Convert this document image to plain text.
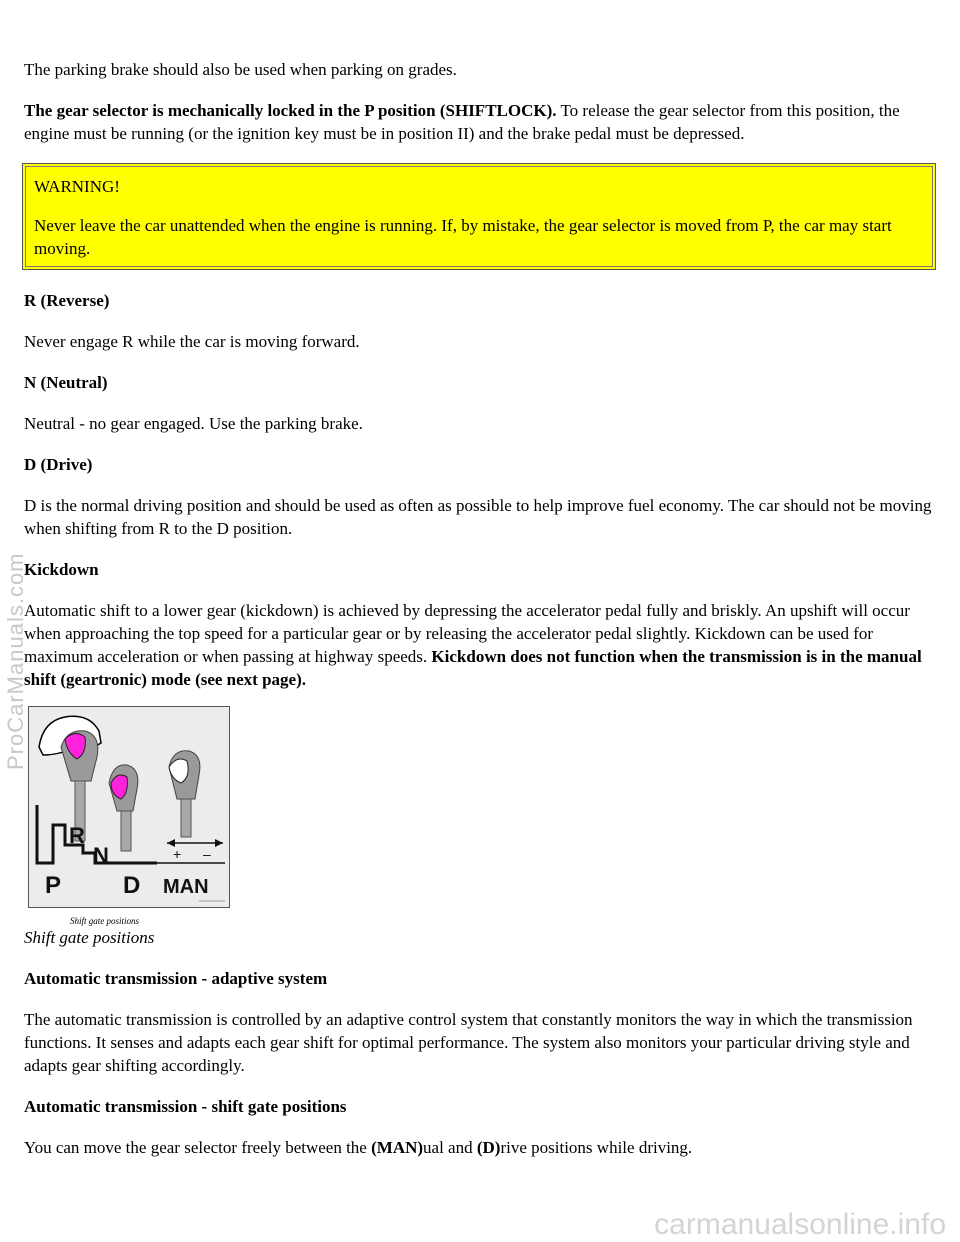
The parking brake should also be used when parking on grades.

The gear selector is mechanically locked in the P position (SHIFTLOCK). To release the gear selector from this position, the engine must be running (or the ignition key must be in position II) and the brake pedal must be depressed.

WARNING!

Never leave the car unattended when the engine is running. If, by mistake, the gear selector is moved from P, the car may start moving.

R (Reverse)

Never engage R while the car is moving forward.

N (Neutral)

Neutral - no gear engaged. Use the parking brake.

D (Drive)

D is the normal driving position and should be used as often as possible to help improve fuel economy. The car should not be moving when shifting from R to the D position.

Kickdown

Automatic shift to a lower gear (kickdown) is achieved by depressing the accelerator pedal fully and briskly. An upshift will occur when approaching the top speed for a particular gear or by releasing the accelerator pedal slightly. Kickdown can be used for maximum acceleration or when passing at highway speeds. Kickdown does not function when the transmission is in the manual shift (geartronic) mode (see next page).

R
N
P	D MAN
+ –
Shift gate positions

Shift gate positions

Automatic transmission - adaptive system

The automatic transmission is controlled by an adaptive control system that constantly monitors the way in which the transmission functions. It senses and adapts each gear shift for optimal performance. The system also monitors your particular driving style and adapts gear shifting accordingly.

Automatic transmission - shift gate positions

You can move the gear selector freely between the (MAN)ual and (D)rive positions while driving.

ProCarManuals.com
carmanualsonline.info
